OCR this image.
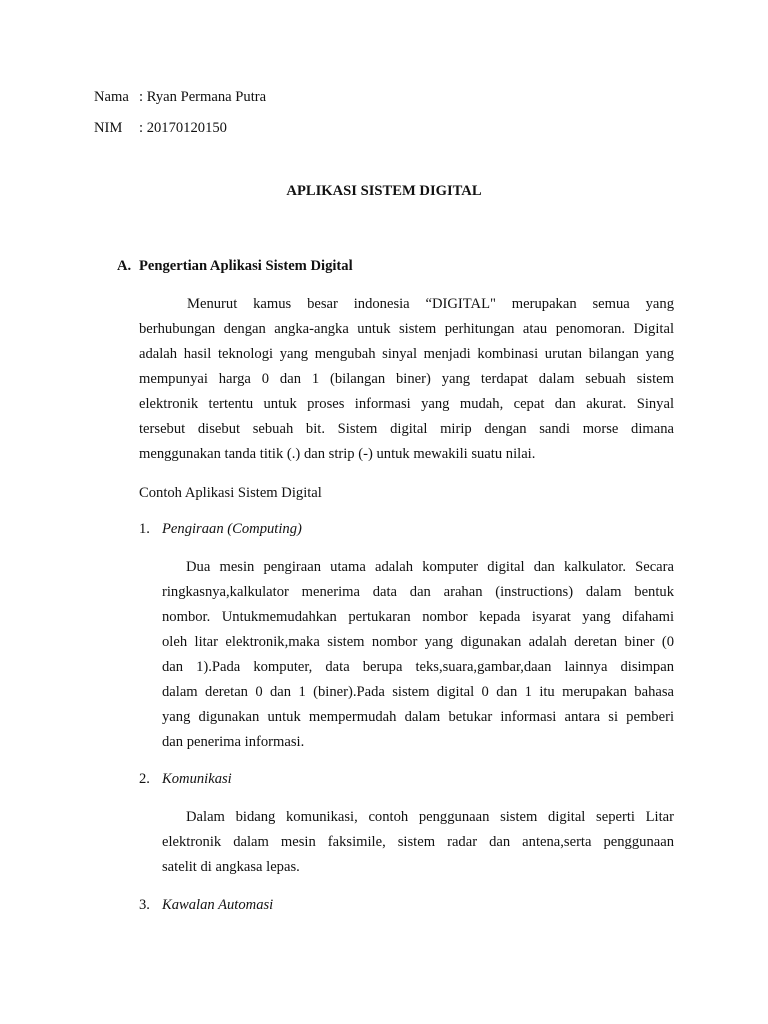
Nama : Ryan Permana Putra
NIM : 20170120150
APLIKASI SISTEM DIGITAL
A. Pengertian Aplikasi Sistem Digital
Menurut kamus besar indonesia “DIGITAL" merupakan semua yang
berhubungan dengan angka-angka untuk sistem perhitungan atau penomoran. Digital
adalah hasil teknologi yang mengubah sinyal menjadi kombinasi urutan bilangan yang
mempunyai harga 0 dan 1 (bilangan biner) yang terdapat dalam sebuah sistem
elektronik tertentu untuk proses informasi yang mudah, cepat dan akurat. Sinyal
tersebut disebut sebuah bit. Sistem digital mirip dengan sandi morse dimana
menggunakan tanda titik (.) dan strip (-) untuk mewakili suatu nilai.
Contoh Aplikasi Sistem Digital
1. Pengiraan (Computing)
Dua mesin pengiraan utama adalah komputer digital dan kalkulator. Secara
ringkasnya,kalkulator menerima data dan arahan (instructions) dalam bentuk
nombor. Untukmemudahkan pertukaran nombor kepada isyarat yang difahami
oleh litar elektronik,maka sistem nombor yang digunakan adalah deretan biner (0
dan 1).Pada komputer, data berupa teks,suara,gambar,daan lainnya disimpan
dalam deretan 0 dan 1 (biner).Pada sistem digital 0 dan 1 itu merupakan bahasa
yang digunakan untuk mempermudah dalam betukar informasi antara si pemberi
dan penerima informasi.
2. Komunikasi
Dalam bidang komunikasi, contoh penggunaan sistem digital seperti Litar
elektronik dalam mesin faksimile, sistem radar dan antena,serta penggunaan
satelit di angkasa lepas.
3. Kawalan Automasi
